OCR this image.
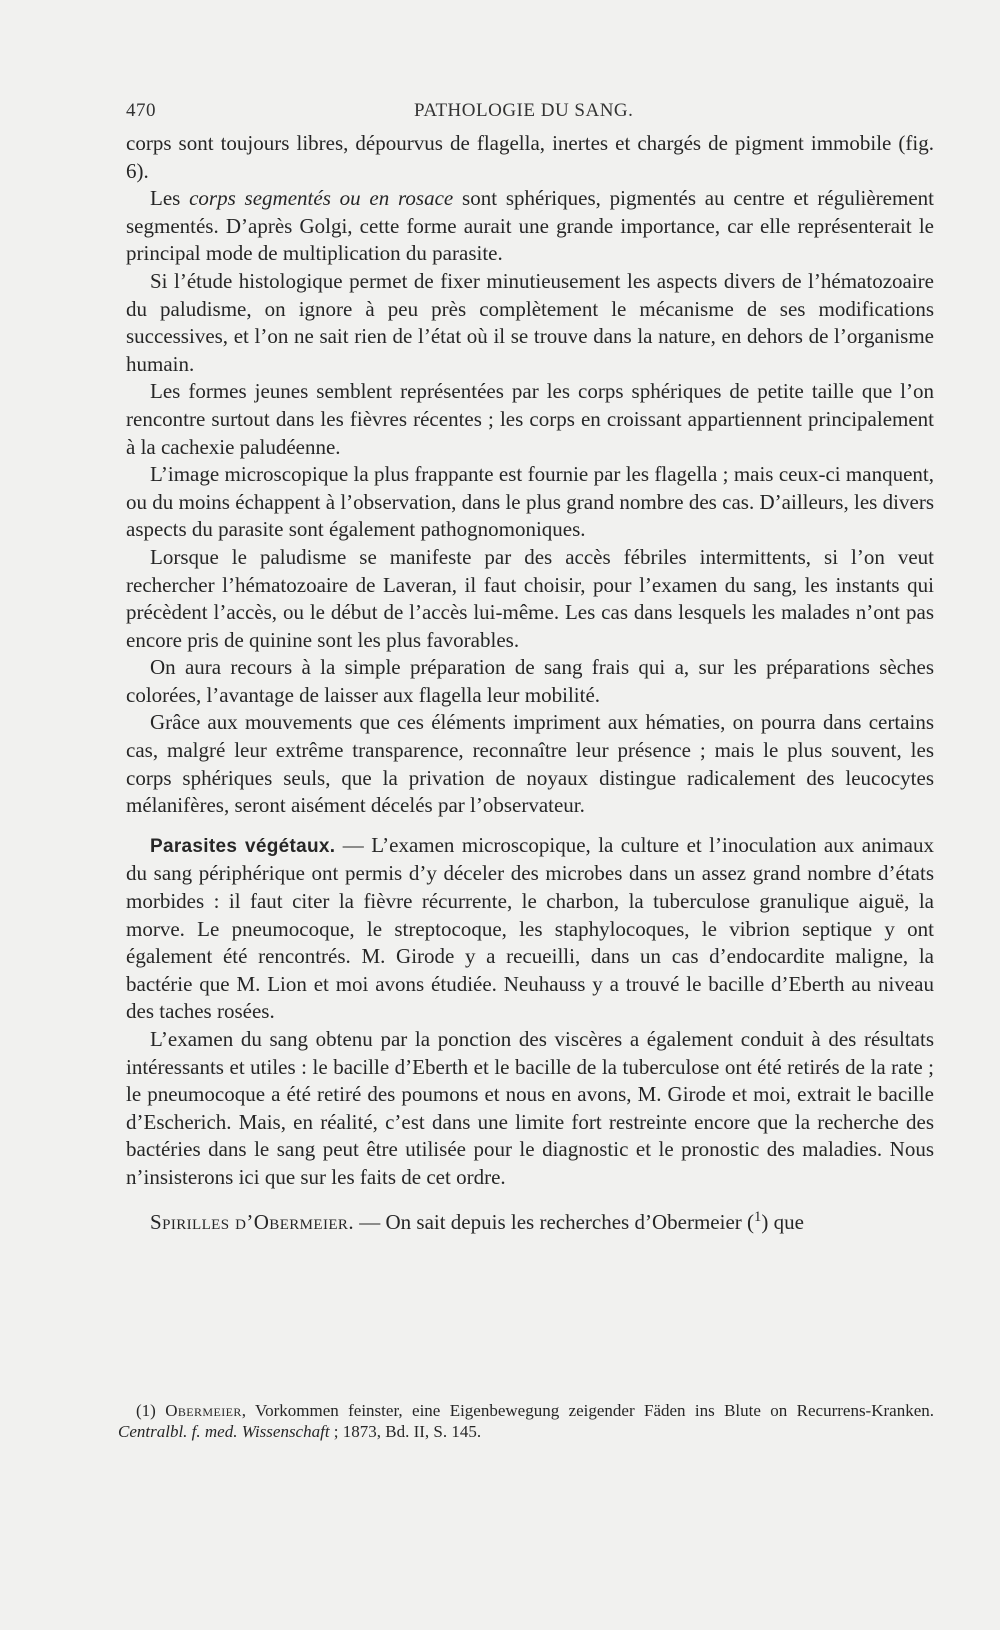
470	PATHOLOGIE DU SANG.

corps sont toujours libres, dépourvus de flagella, inertes et chargés de pigment immobile (fig. 6).

Les corps segmentés ou en rosace sont sphériques, pigmentés au centre et régulièrement segmentés. D’après Golgi, cette forme aurait une grande importance, car elle représenterait le principal mode de multiplication du parasite.

Si l’étude histologique permet de fixer minutieusement les aspects divers de l’hématozoaire du paludisme, on ignore à peu près complètement le mécanisme de ses modifications successives, et l’on ne sait rien de l’état où il se trouve dans la nature, en dehors de l’organisme humain.

Les formes jeunes semblent représentées par les corps sphériques de petite taille que l’on rencontre surtout dans les fièvres récentes ; les corps en croissant appartiennent principalement à la cachexie paludéenne.

L’image microscopique la plus frappante est fournie par les flagella ; mais ceux-ci manquent, ou du moins échappent à l’observation, dans le plus grand nombre des cas. D’ailleurs, les divers aspects du parasite sont également pathognomoniques.

Lorsque le paludisme se manifeste par des accès fébriles intermittents, si l’on veut rechercher l’hématozoaire de Laveran, il faut choisir, pour l’examen du sang, les instants qui précèdent l’accès, ou le début de l’accès lui-même. Les cas dans lesquels les malades n’ont pas encore pris de quinine sont les plus favorables.

On aura recours à la simple préparation de sang frais qui a, sur les préparations sèches colorées, l’avantage de laisser aux flagella leur mobilité.

Grâce aux mouvements que ces éléments impriment aux hématies, on pourra dans certains cas, malgré leur extrême transparence, reconnaître leur présence ; mais le plus souvent, les corps sphériques seuls, que la privation de noyaux distingue radicalement des leucocytes mélanifères, seront aisément décelés par l’observateur.

Parasites végétaux. — L’examen microscopique, la culture et l’inoculation aux animaux du sang périphérique ont permis d’y déceler des microbes dans un assez grand nombre d’états morbides : il faut citer la fièvre récurrente, le charbon, la tuberculose granulique aiguë, la morve. Le pneumocoque, le streptocoque, les staphylocoques, le vibrion septique y ont également été rencontrés. M. Girode y a recueilli, dans un cas d’endocardite maligne, la bactérie que M. Lion et moi avons étudiée. Neuhauss y a trouvé le bacille d’Eberth au niveau des taches rosées.

L’examen du sang obtenu par la ponction des viscères a également conduit à des résultats intéressants et utiles : le bacille d’Eberth et le bacille de la tuberculose ont été retirés de la rate ; le pneumocoque a été retiré des poumons et nous en avons, M. Girode et moi, extrait le bacille d’Escherich. Mais, en réalité, c’est dans une limite fort restreinte encore que la recherche des bactéries dans le sang peut être utilisée pour le diagnostic et le pronostic des maladies. Nous n’insisterons ici que sur les faits de cet ordre.

Spirilles d’Obermeier. — On sait depuis les recherches d’Obermeier ($^1$) que

(1) Obermeier, Vorkommen feinster, eine Eigenbewegung zeigender Fäden ins Blute on Recurrens-Kranken. Centralbl. f. med. Wissenschaft ; 1873, Bd. II, S. 145.
